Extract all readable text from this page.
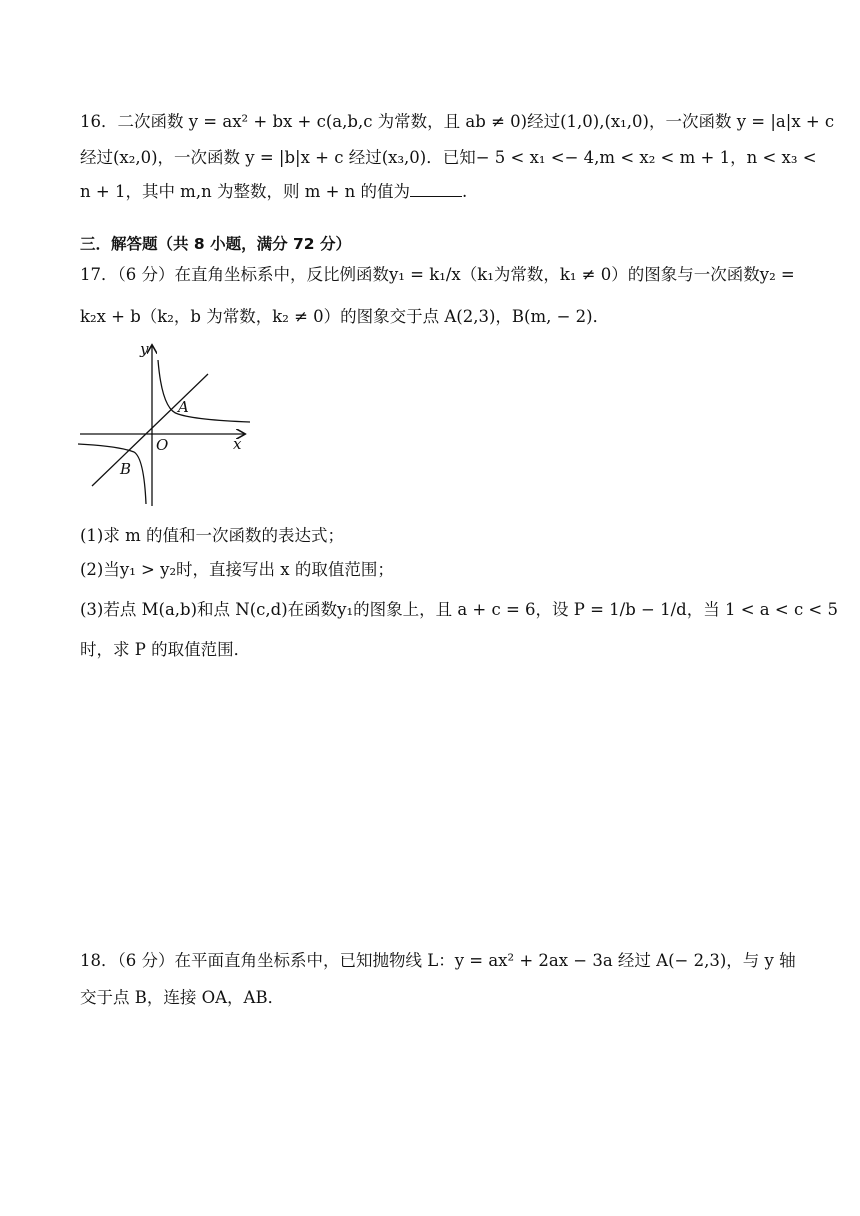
16．二次函数 y = ax² + bx + c(a,b,c 为常数，且 ab ≠ 0)经过(1,0),(x₁,0)，一次函数 y = |a|x + c
经过(x₂,0)，一次函数 y = |b|x + c 经过(x₃,0)．已知− 5 < x₁ <− 4,m < x₂ < m + 1，n < x₃ <
n + 1，其中 m,n 为整数，则 m + n 的值为	.
三．解答题（共 8 小题，满分 72 分）
17．（6 分）在直角坐标系中，反比例函数y₁ = k₁/x（k₁为常数，k₁ ≠ 0）的图象与一次函数y₂ =
k₂x + b（k₂，b 为常数，k₂ ≠ 0）的图象交于点 A(2,3)，B(m, − 2)．
y
x
O
A
B
(1)求 m 的值和一次函数的表达式；
(2)当y₁ > y₂时，直接写出 x 的取值范围；
(3)若点 M(a,b)和点 N(c,d)在函数y₁的图象上，且 a + c = 6，设 P = 1/b − 1/d，当 1 < a < c < 5
时，求 P 的取值范围．
18．（6 分）在平面直角坐标系中，已知抛物线 L：y = ax² + 2ax − 3a 经过 A(− 2,3)，与 y 轴
交于点 B，连接 OA，AB．
